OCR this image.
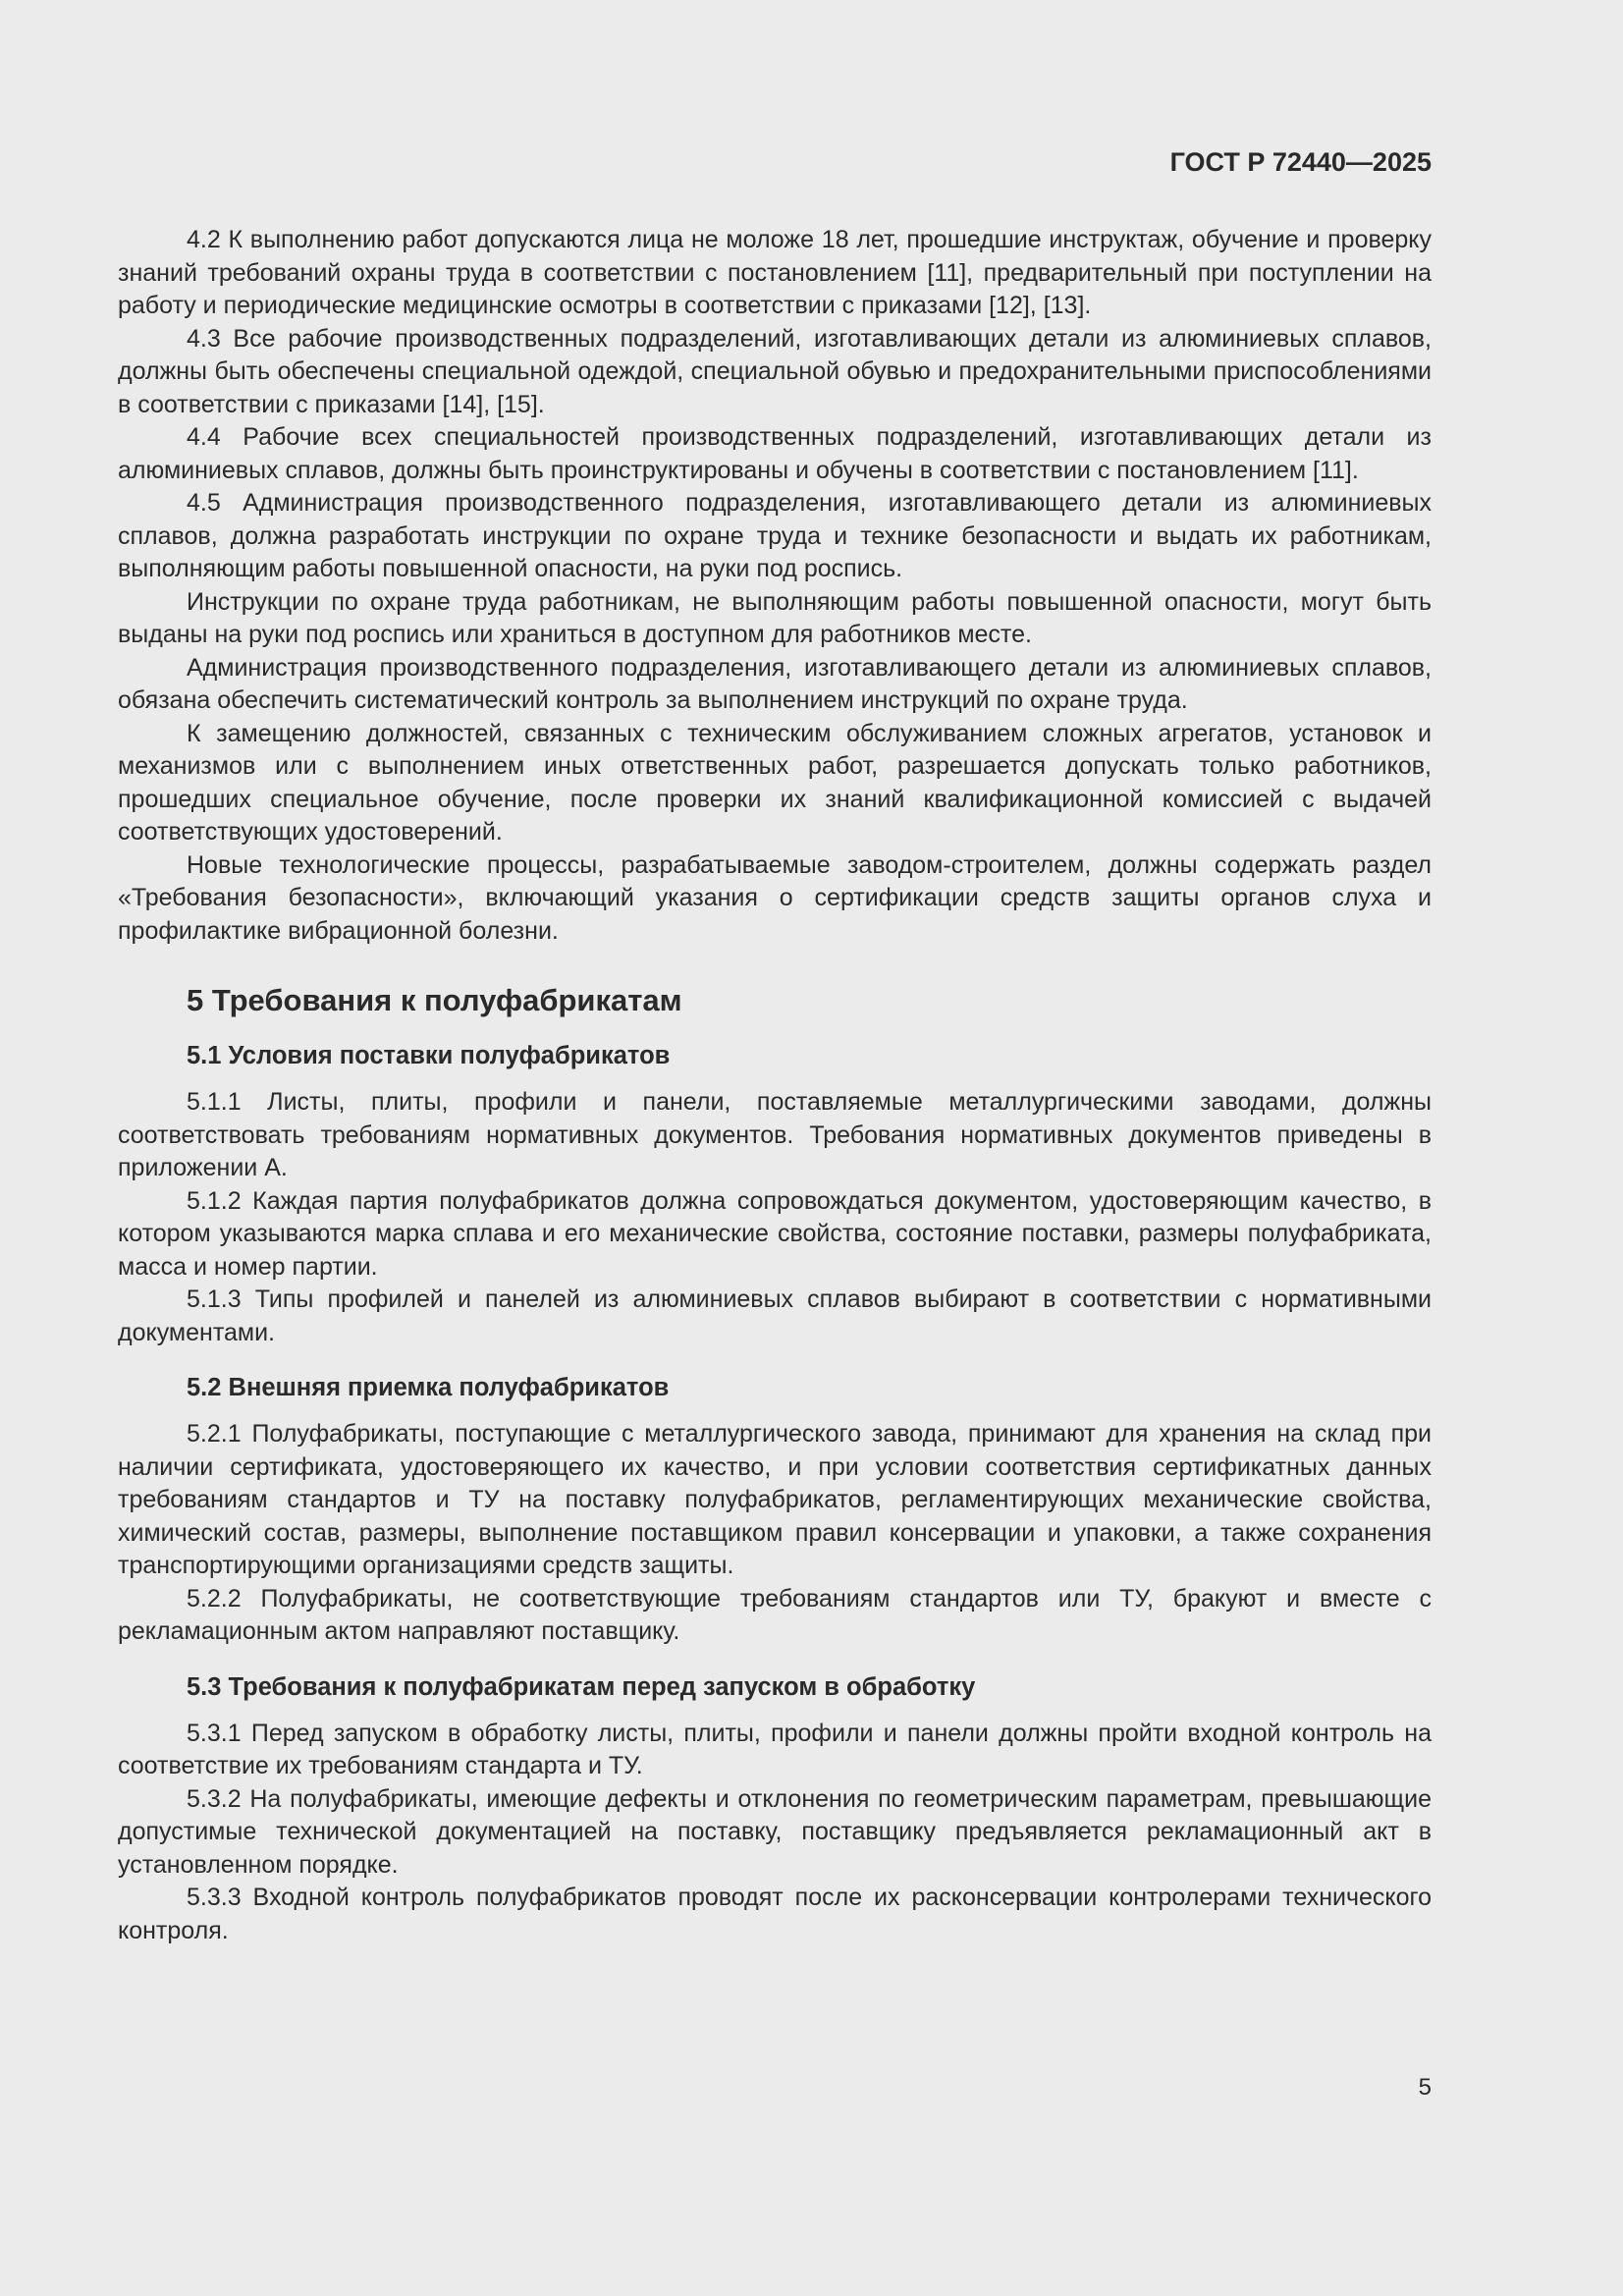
ГОСТ Р 72440—2025

4.2 К выполнению работ допускаются лица не моложе 18 лет, прошедшие инструктаж, обучение и проверку знаний требований охраны труда в соответствии с постановлением [11], предварительный при поступлении на работу и периодические медицинские осмотры в соответствии с приказами [12], [13].

4.3 Все рабочие производственных подразделений, изготавливающих детали из алюминиевых сплавов, должны быть обеспечены специальной одеждой, специальной обувью и предохранительными приспособлениями в соответствии с приказами [14], [15].

4.4 Рабочие всех специальностей производственных подразделений, изготавливающих детали из алюминиевых сплавов, должны быть проинструктированы и обучены в соответствии с постановлением [11].

4.5 Администрация производственного подразделения, изготавливающего детали из алюминиевых сплавов, должна разработать инструкции по охране труда и технике безопасности и выдать их работникам, выполняющим работы повышенной опасности, на руки под роспись.

Инструкции по охране труда работникам, не выполняющим работы повышенной опасности, могут быть выданы на руки под роспись или храниться в доступном для работников месте.

Администрация производственного подразделения, изготавливающего детали из алюминиевых сплавов, обязана обеспечить систематический контроль за выполнением инструкций по охране труда.

К замещению должностей, связанных с техническим обслуживанием сложных агрегатов, установок и механизмов или с выполнением иных ответственных работ, разрешается допускать только работников, прошедших специальное обучение, после проверки их знаний квалификационной комиссией с выдачей соответствующих удостоверений.

Новые технологические процессы, разрабатываемые заводом-строителем, должны содержать раздел «Требования безопасности», включающий указания о сертификации средств защиты органов слуха и профилактике вибрационной болезни.

5 Требования к полуфабрикатам
5.1 Условия поставки полуфабрикатов

5.1.1 Листы, плиты, профили и панели, поставляемые металлургическими заводами, должны соответствовать требованиям нормативных документов. Требования нормативных документов приведены в приложении А.

5.1.2 Каждая партия полуфабрикатов должна сопровождаться документом, удостоверяющим качество, в котором указываются марка сплава и его механические свойства, состояние поставки, размеры полуфабриката, масса и номер партии.

5.1.3 Типы профилей и панелей из алюминиевых сплавов выбирают в соответствии с нормативными документами.

5.2 Внешняя приемка полуфабрикатов

5.2.1 Полуфабрикаты, поступающие с металлургического завода, принимают для хранения на склад при наличии сертификата, удостоверяющего их качество, и при условии соответствия сертификатных данных требованиям стандартов и ТУ на поставку полуфабрикатов, регламентирующих механические свойства, химический состав, размеры, выполнение поставщиком правил консервации и упаковки, а также сохранения транспортирующими организациями средств защиты.

5.2.2 Полуфабрикаты, не соответствующие требованиям стандартов или ТУ, бракуют и вместе с рекламационным актом направляют поставщику.

5.3 Требования к полуфабрикатам перед запуском в обработку

5.3.1 Перед запуском в обработку листы, плиты, профили и панели должны пройти входной контроль на соответствие их требованиям стандарта и ТУ.

5.3.2 На полуфабрикаты, имеющие дефекты и отклонения по геометрическим параметрам, превышающие допустимые технической документацией на поставку, поставщику предъявляется рекламационный акт в установленном порядке.

5.3.3 Входной контроль полуфабрикатов проводят после их расконсервации контролерами технического контроля.

5
